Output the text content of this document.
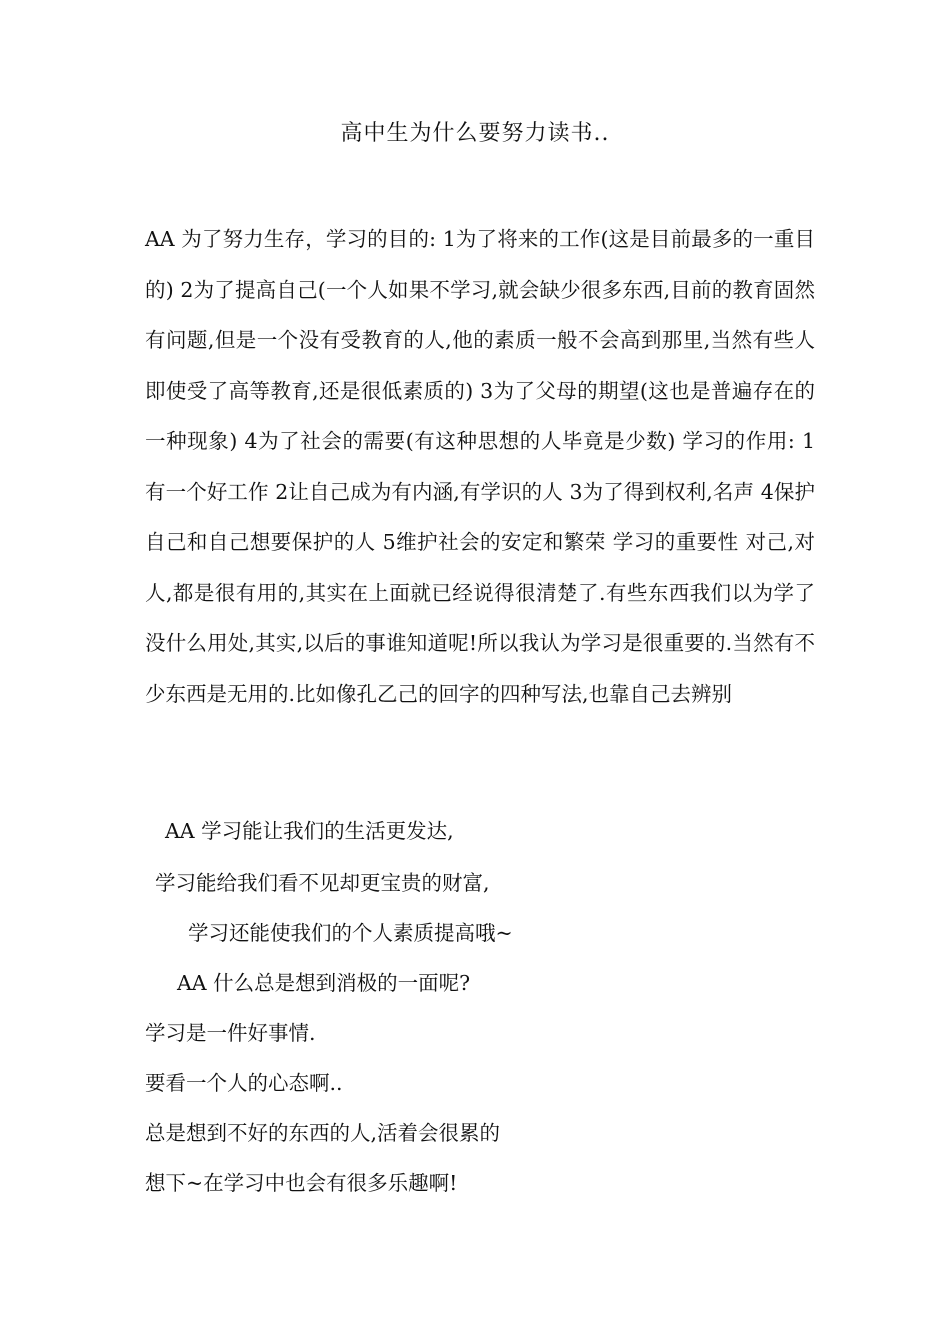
高中生为什么要努力读书..

AA 为了努力生存，学习的目的: 1为了将来的工作(这是目前最多的一重目的) 2为了提高自己(一个人如果不学习,就会缺少很多东西,目前的教育固然有问题,但是一个没有受教育的人,他的素质一般不会高到那里,当然有些人即使受了高等教育,还是很低素质的) 3为了父母的期望(这也是普遍存在的一种现象) 4为了社会的需要(有这种思想的人毕竟是少数) 学习的作用: 1有一个好工作 2让自己成为有内涵,有学识的人 3为了得到权利,名声 4保护自己和自己想要保护的人 5维护社会的安定和繁荣 学习的重要性 对己,对人,都是很有用的,其实在上面就已经说得很清楚了.有些东西我们以为学了没什么用处,其实,以后的事谁知道呢!所以我认为学习是很重要的.当然有不少东西是无用的.比如像孔乙己的回字的四种写法,也靠自己去辨别

AA 学习能让我们的生活更发达,

学习能给我们看不见却更宝贵的财富,

学习还能使我们的个人素质提高哦~

AA 什么总是想到消极的一面呢?

学习是一件好事情.

要看一个人的心态啊..

总是想到不好的东西的人,活着会很累的

想下~在学习中也会有很多乐趣啊!
